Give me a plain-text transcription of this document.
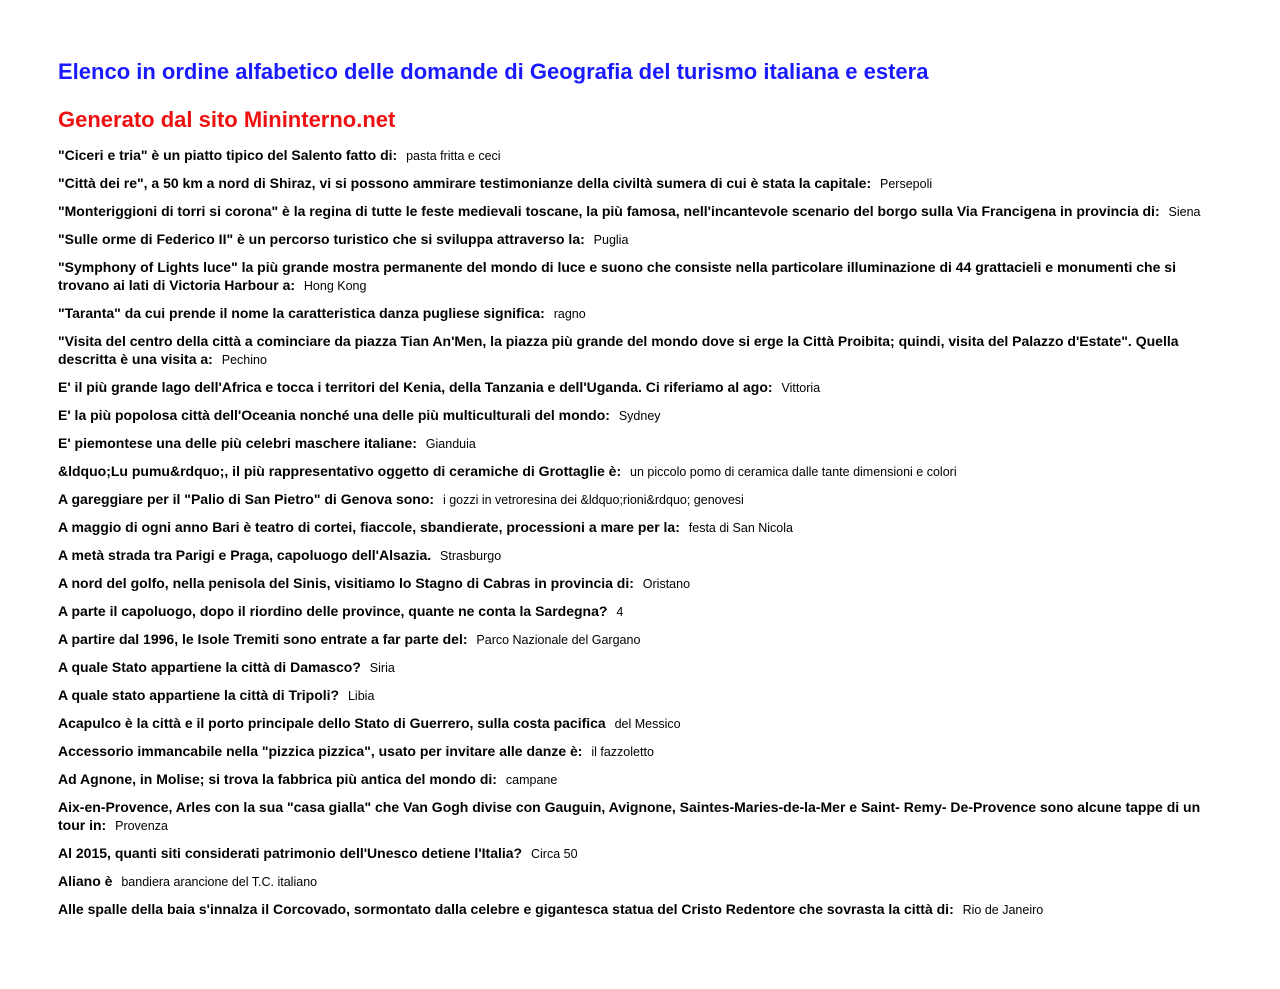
Elenco in ordine alfabetico delle domande di Geografia del turismo italiana e estera
Generato dal sito Mininterno.net
"Ciceri e tria" è un piatto tipico del Salento fatto di: pasta fritta e ceci
"Città dei re", a 50 km a nord di Shiraz, vi si possono ammirare testimonianze della civiltà sumera di cui è stata la capitale: Persepoli
"Monteriggioni di torri si corona" è la regina di tutte le feste medievali toscane, la più famosa, nell'incantevole scenario del borgo sulla Via Francigena in provincia di: Siena
"Sulle orme di Federico II" è un percorso turistico che si sviluppa attraverso la: Puglia
"Symphony of Lights luce" la più grande mostra permanente del mondo di luce e suono che consiste nella particolare illuminazione di 44 grattacieli e monumenti che si trovano ai lati di Victoria Harbour a: Hong Kong
"Taranta" da cui prende il nome la caratteristica danza pugliese significa: ragno
"Visita del centro della città a cominciare da piazza Tian An'Men, la piazza più grande del mondo dove si erge la Città Proibita; quindi, visita del Palazzo d'Estate". Quella descritta è una visita a: Pechino
E' il più grande lago dell'Africa e tocca i territori del Kenia, della Tanzania e dell'Uganda. Ci riferiamo al ago: Vittoria
E' la più popolosa città dell'Oceania nonché una delle più multiculturali del mondo: Sydney
E' piemontese una delle più celebri maschere italiane: Gianduia
&ldquo;Lu pumu&rdquo;, il più rappresentativo oggetto di ceramiche di Grottaglie è: un piccolo pomo di ceramica dalle tante dimensioni e colori
A gareggiare per il "Palio di San Pietro" di Genova sono: i gozzi in vetroresina dei &ldquo;rioni&rdquo; genovesi
A maggio di ogni anno Bari è teatro di cortei, fiaccole, sbandierate, processioni a mare per la: festa di San Nicola
A metà strada tra Parigi e Praga, capoluogo dell'Alsazia. Strasburgo
A nord del golfo, nella penisola del Sinis, visitiamo lo Stagno di Cabras in provincia di: Oristano
A parte il capoluogo, dopo il riordino delle province, quante ne conta la Sardegna? 4
A partire dal 1996, le Isole Tremiti sono entrate a far parte del: Parco Nazionale del Gargano
A quale Stato appartiene la città di Damasco? Siria
A quale stato appartiene la città di Tripoli? Libia
Acapulco è la città e il porto principale dello Stato di Guerrero, sulla costa pacifica del Messico
Accessorio immancabile nella "pizzica pizzica", usato per invitare alle danze è: il fazzoletto
Ad Agnone, in Molise; si trova la fabbrica più antica del mondo di: campane
Aix-en-Provence, Arles con la sua "casa gialla" che Van Gogh divise con Gauguin, Avignone, Saintes-Maries-de-la-Mer e Saint- Remy- De-Provence sono alcune tappe di un tour in: Provenza
Al 2015, quanti siti considerati patrimonio dell'Unesco detiene l'Italia? Circa 50
Aliano è bandiera arancione del T.C. italiano
Alle spalle della baia s'innalza il Corcovado, sormontato dalla celebre e gigantesca statua del Cristo Redentore che sovrasta la città di: Rio de Janeiro
